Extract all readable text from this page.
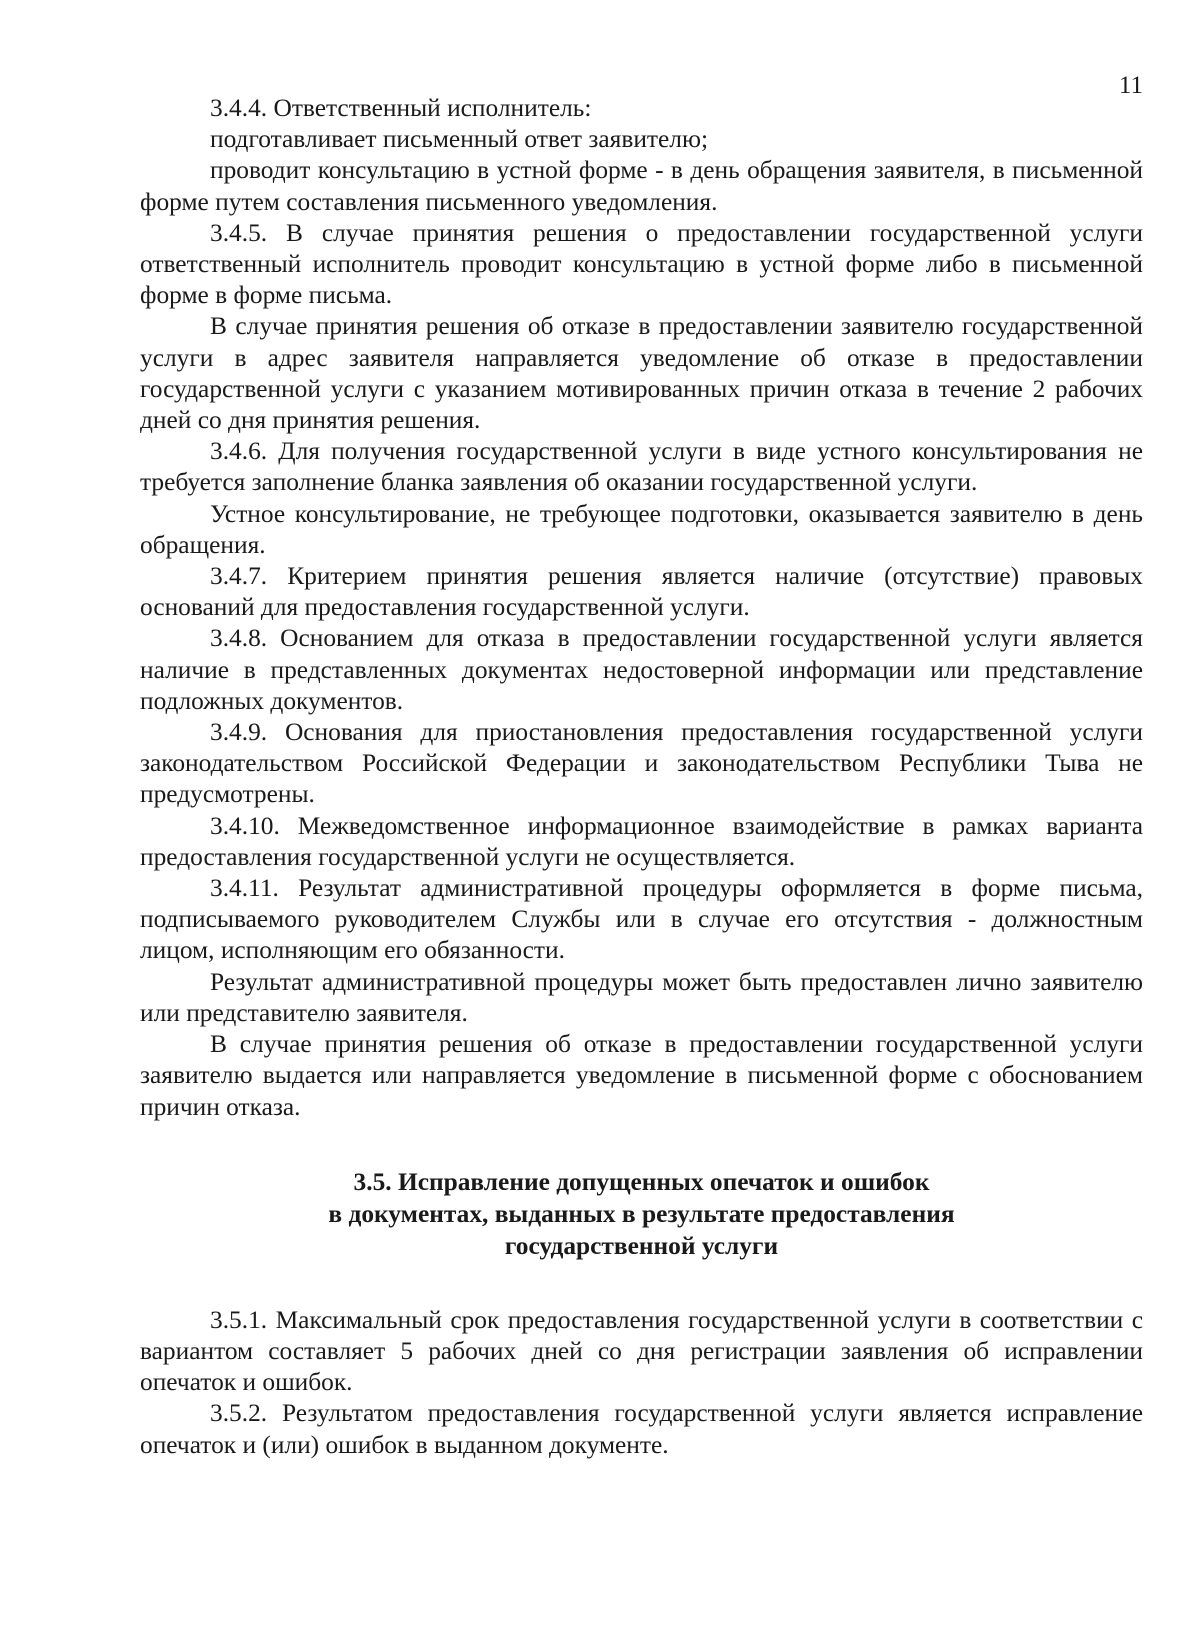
11

3.4.4. Ответственный исполнитель:

подготавливает письменный ответ заявителю;

проводит консультацию в устной форме - в день обращения заявителя, в письменной форме путем составления письменного уведомления.

3.4.5. В случае принятия решения о предоставлении государственной услуги ответственный исполнитель проводит консультацию в устной форме либо в письменной форме в форме письма.

В случае принятия решения об отказе в предоставлении заявителю государственной услуги в адрес заявителя направляется уведомление об отказе в предоставлении государственной услуги с указанием мотивированных причин отказа в течение 2 рабочих дней со дня принятия решения.

3.4.6. Для получения государственной услуги в виде устного консультирования не требуется заполнение бланка заявления об оказании государственной услуги.

Устное консультирование, не требующее подготовки, оказывается заявителю в день обращения.

3.4.7. Критерием принятия решения является наличие (отсутствие) правовых оснований для предоставления государственной услуги.

3.4.8. Основанием для отказа в предоставлении государственной услуги является наличие в представленных документах недостоверной информации или представление подложных документов.

3.4.9. Основания для приостановления предоставления государственной услуги законодательством Российской Федерации и законодательством Республики Тыва не предусмотрены.

3.4.10. Межведомственное информационное взаимодействие в рамках варианта предоставления государственной услуги не осуществляется.

3.4.11. Результат административной процедуры оформляется в форме письма, подписываемого руководителем Службы или в случае его отсутствия - должностным лицом, исполняющим его обязанности.

Результат административной процедуры может быть предоставлен лично заявителю или представителю заявителя.

В случае принятия решения об отказе в предоставлении государственной услуги заявителю выдается или направляется уведомление в письменной форме с обоснованием причин отказа.

3.5. Исправление допущенных опечаток и ошибок
в документах, выданных в результате предоставления
государственной услуги

3.5.1. Максимальный срок предоставления государственной услуги в соответствии с вариантом составляет 5 рабочих дней со дня регистрации заявления об исправлении опечаток и ошибок.

3.5.2. Результатом предоставления государственной услуги является исправление опечаток и (или) ошибок в выданном документе.
